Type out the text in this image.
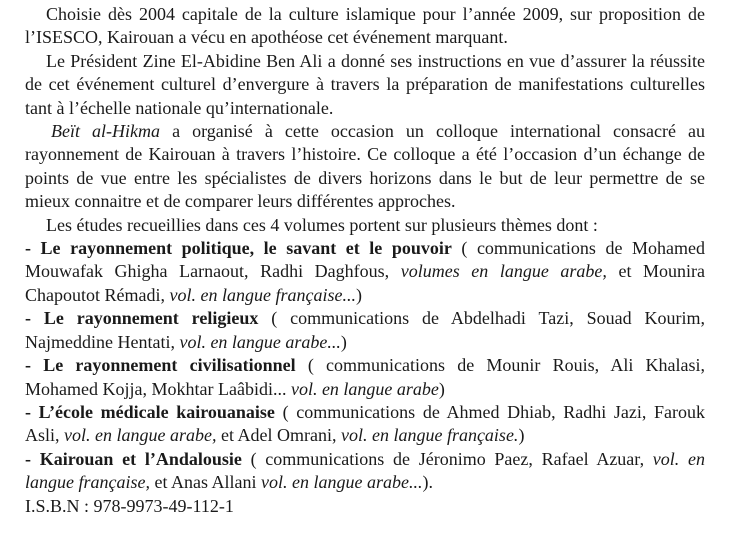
Choisie dès 2004 capitale de la culture islamique pour l’année 2009, sur proposition de l’ISESCO, Kairouan a vécu en apothéose cet événement marquant.

Le Président Zine El-Abidine Ben Ali a donné ses instructions en vue d’assurer la réussite de cet événement culturel d’envergure à travers la préparation de manifestations culturelles tant à l’échelle nationale qu’internationale.

Beït al-Hikma a organisé à cette occasion un colloque international consacré au rayonnement de Kairouan à travers l’histoire. Ce colloque a été l’occasion d’un échange de points de vue entre les spécialistes de divers horizons dans le but de leur permettre de se mieux connaitre et de comparer leurs différentes approches.

Les études recueillies dans ces 4 volumes portent sur plusieurs thèmes dont :

- Le rayonnement politique, le savant et le pouvoir ( communications de Mohamed Mouwafak Ghigha Larnaout, Radhi Daghfous, volumes en langue arabe, et Mounira Chapoutot Rémadi, vol. en langue française...)

- Le rayonnement religieux ( communications de Abdelhadi Tazi, Souad Kourim, Najmeddine Hentati, vol. en langue arabe...)

- Le rayonnement civilisationnel ( communications de Mounir Rouis, Ali Khalasi, Mohamed Kojja, Mokhtar Laâbidi... vol. en langue arabe)

- L’école médicale kairouanaise ( communications de Ahmed Dhiab, Radhi Jazi, Farouk Asli, vol. en langue arabe, et Adel Omrani, vol. en langue française.)

- Kairouan et l’Andalousie ( communications de Jéronimo Paez, Rafael Azuar, vol. en langue française, et Anas Allani vol. en langue arabe...).

I.S.B.N : 978-9973-49-112-1
